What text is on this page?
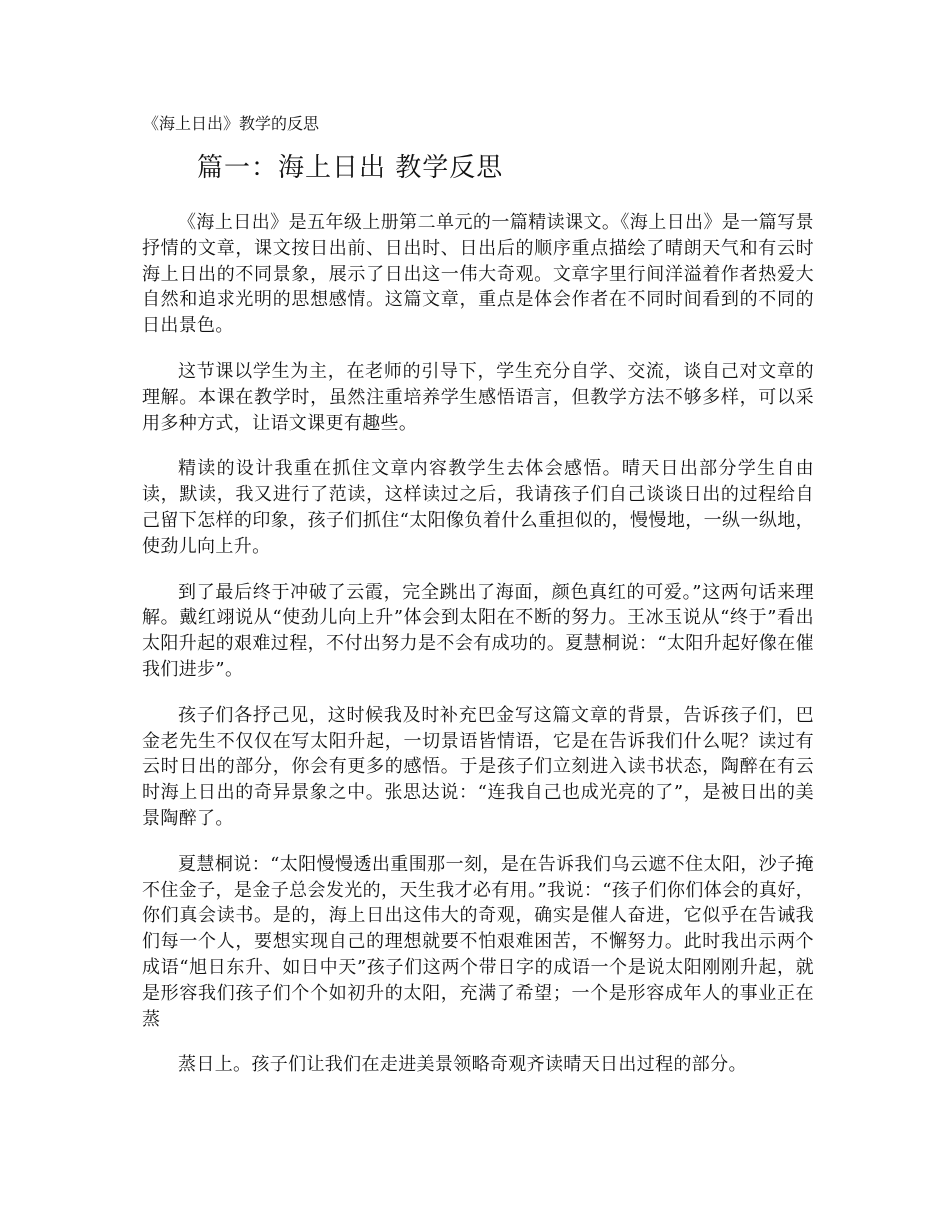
《海上日出》教学的反思
篇一：海上日出 教学反思

《海上日出》是五年级上册第二单元的一篇精读课文。《海上日出》是一篇写景抒情的文章，课文按日出前、日出时、日出后的顺序重点描绘了晴朗天气和有云时海上日出的不同景象，展示了日出这一伟大奇观。文章字里行间洋溢着作者热爱大自然和追求光明的思想感情。这篇文章，重点是体会作者在不同时间看到的不同的日出景色。

这节课以学生为主，在老师的引导下，学生充分自学、交流，谈自己对文章的理解。本课在教学时，虽然注重培养学生感悟语言，但教学方法不够多样，可以采用多种方式，让语文课更有趣些。

精读的设计我重在抓住文章内容教学生去体会感悟。晴天日出部分学生自由读，默读，我又进行了范读，这样读过之后，我请孩子们自己谈谈日出的过程给自己留下怎样的印象，孩子们抓住“太阳像负着什么重担似的，慢慢地，一纵一纵地，使劲儿向上升。

到了最后终于冲破了云霞，完全跳出了海面，颜色真红的可爱。”这两句话来理解。戴红翊说从“使劲儿向上升”体会到太阳在不断的努力。王冰玉说从“终于”看出太阳升起的艰难过程，不付出努力是不会有成功的。夏慧桐说：“太阳升起好像在催我们进步”。

孩子们各抒己见，这时候我及时补充巴金写这篇文章的背景，告诉孩子们，巴金老先生不仅仅在写太阳升起，一切景语皆情语，它是在告诉我们什么呢？读过有云时日出的部分，你会有更多的感悟。于是孩子们立刻进入读书状态，陶醉在有云时海上日出的奇异景象之中。张思达说：“连我自己也成光亮的了”，是被日出的美景陶醉了。

夏慧桐说：“太阳慢慢透出重围那一刻，是在告诉我们乌云遮不住太阳，沙子掩不住金子，是金子总会发光的，天生我才必有用。”我说：“孩子们你们体会的真好，你们真会读书。是的，海上日出这伟大的奇观，确实是催人奋进，它似乎在告诫我们每一个人，要想实现自己的理想就要不怕艰难困苦，不懈努力。此时我出示两个成语“旭日东升、如日中天”孩子们这两个带日字的成语一个是说太阳刚刚升起，就是形容我们孩子们个个如初升的太阳，充满了希望；一个是形容成年人的事业正在蒸

蒸日上。孩子们让我们在走进美景领略奇观齐读晴天日出过程的部分。
